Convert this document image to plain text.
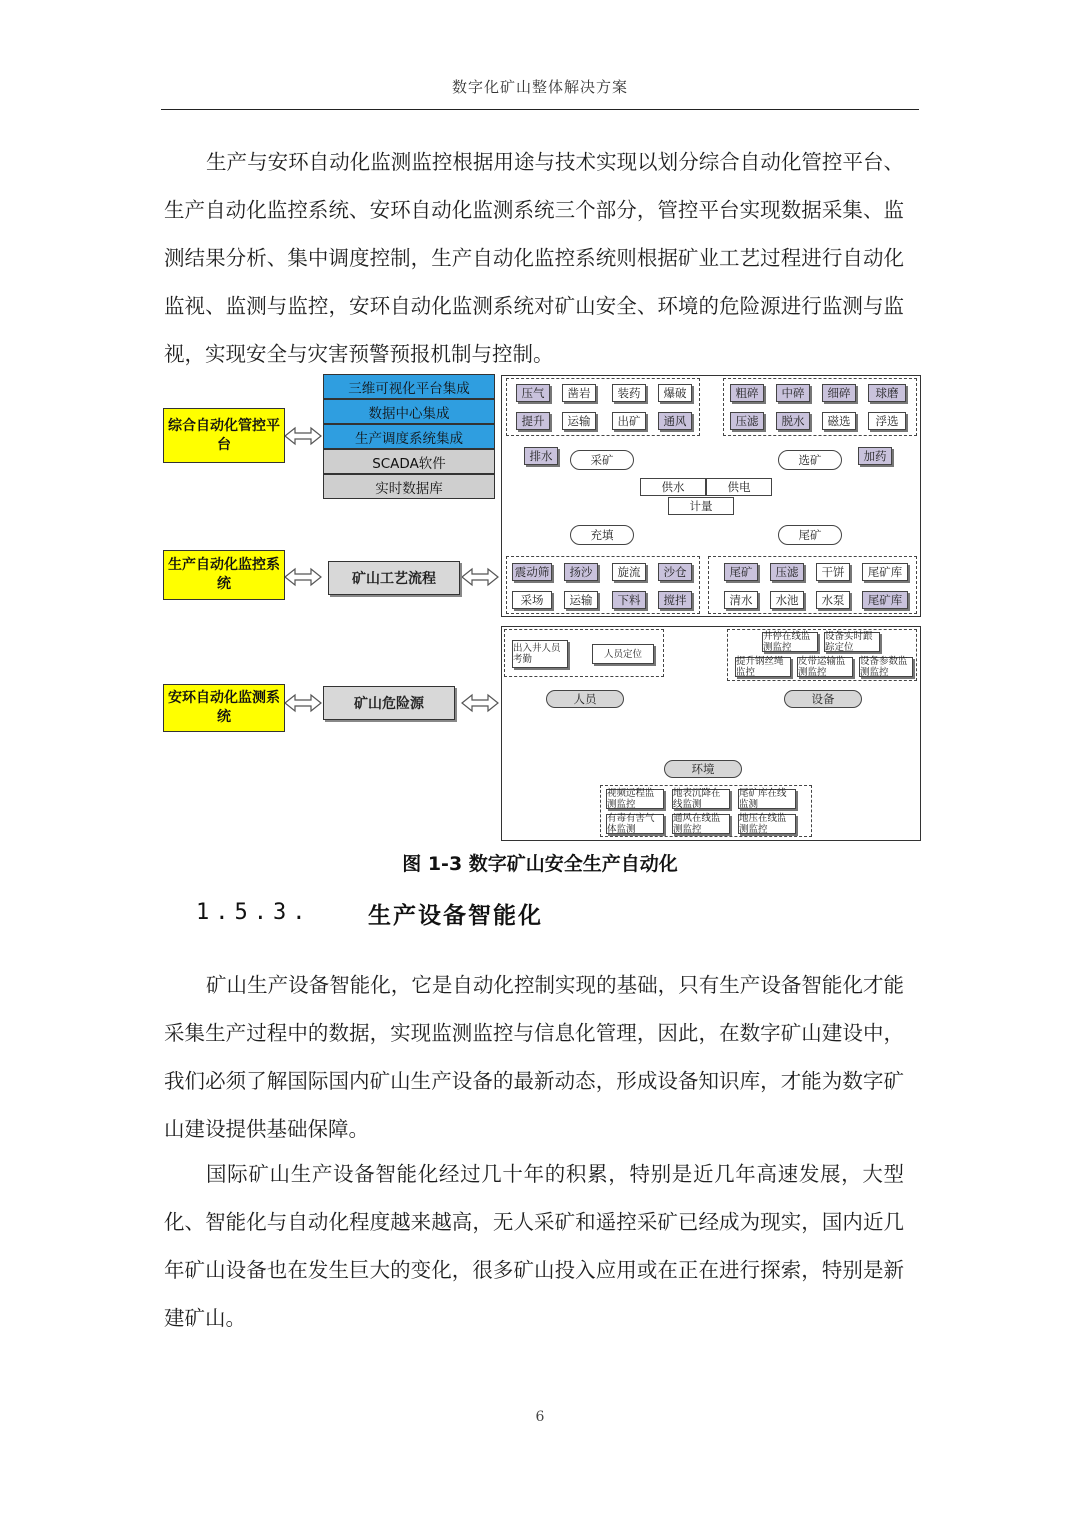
数字化矿山整体解决方案

生产与安环自动化监测监控根据用途与技术实现以划分综合自动化管控平台、生产自动化监控系统、安环自动化监测系统三个部分，管控平台实现数据采集、监测结果分析、集中调度控制，生产自动化监控系统则根据矿业工艺过程进行自动化监视、监测与监控，安环自动化监测系统对矿山安全、环境的危险源进行监测与监视，实现安全与灾害预警预报机制与控制。

综合自动化管控平台
生产自动化监控系统
安环自动化监测系统
三维可视化平台集成
数据中心集成
生产调度系统集成
SCADA软件
实时数据库
矿山工艺流程
矿山危险源
压气	凿岩	装药	爆破
提升	运输	出矿	通风
粗碎	中碎	细碎	球磨
压滤	脱水	磁选	浮选
排水	加药
采矿	选矿
供水	供电
计量
充填	尾矿
震动筛	扬沙	旋流	沙仓
采场	运输	下料	搅拌
尾矿	压滤	干饼	尾矿库
清水	水池	水泵	尾矿库
出入井人员考勤	人员定位
井停在线监测监控
设备实时跟踪定位
提升钢丝绳监控
皮带运输监测监控
设备参数监测监控
人员	设备
环境
视频远程监测监控
地表沉降在线监测
尾矿库在线监测
有毒有害气体监测
通风在线监测监控
地压在线监测监控
图 1-3 数字矿山安全生产自动化
1.5.3. 生产设备智能化

矿山生产设备智能化，它是自动化控制实现的基础，只有生产设备智能化才能采集生产过程中的数据，实现监测监控与信息化管理，因此，在数字矿山建设中，我们必须了解国际国内矿山生产设备的最新动态，形成设备知识库，才能为数字矿山建设提供基础保障。

国际矿山生产设备智能化经过几十年的积累，特别是近几年高速发展，大型化、智能化与自动化程度越来越高，无人采矿和遥控采矿已经成为现实，国内近几年矿山设备也在发生巨大的变化，很多矿山投入应用或在正在进行探索，特别是新建矿山。

6
